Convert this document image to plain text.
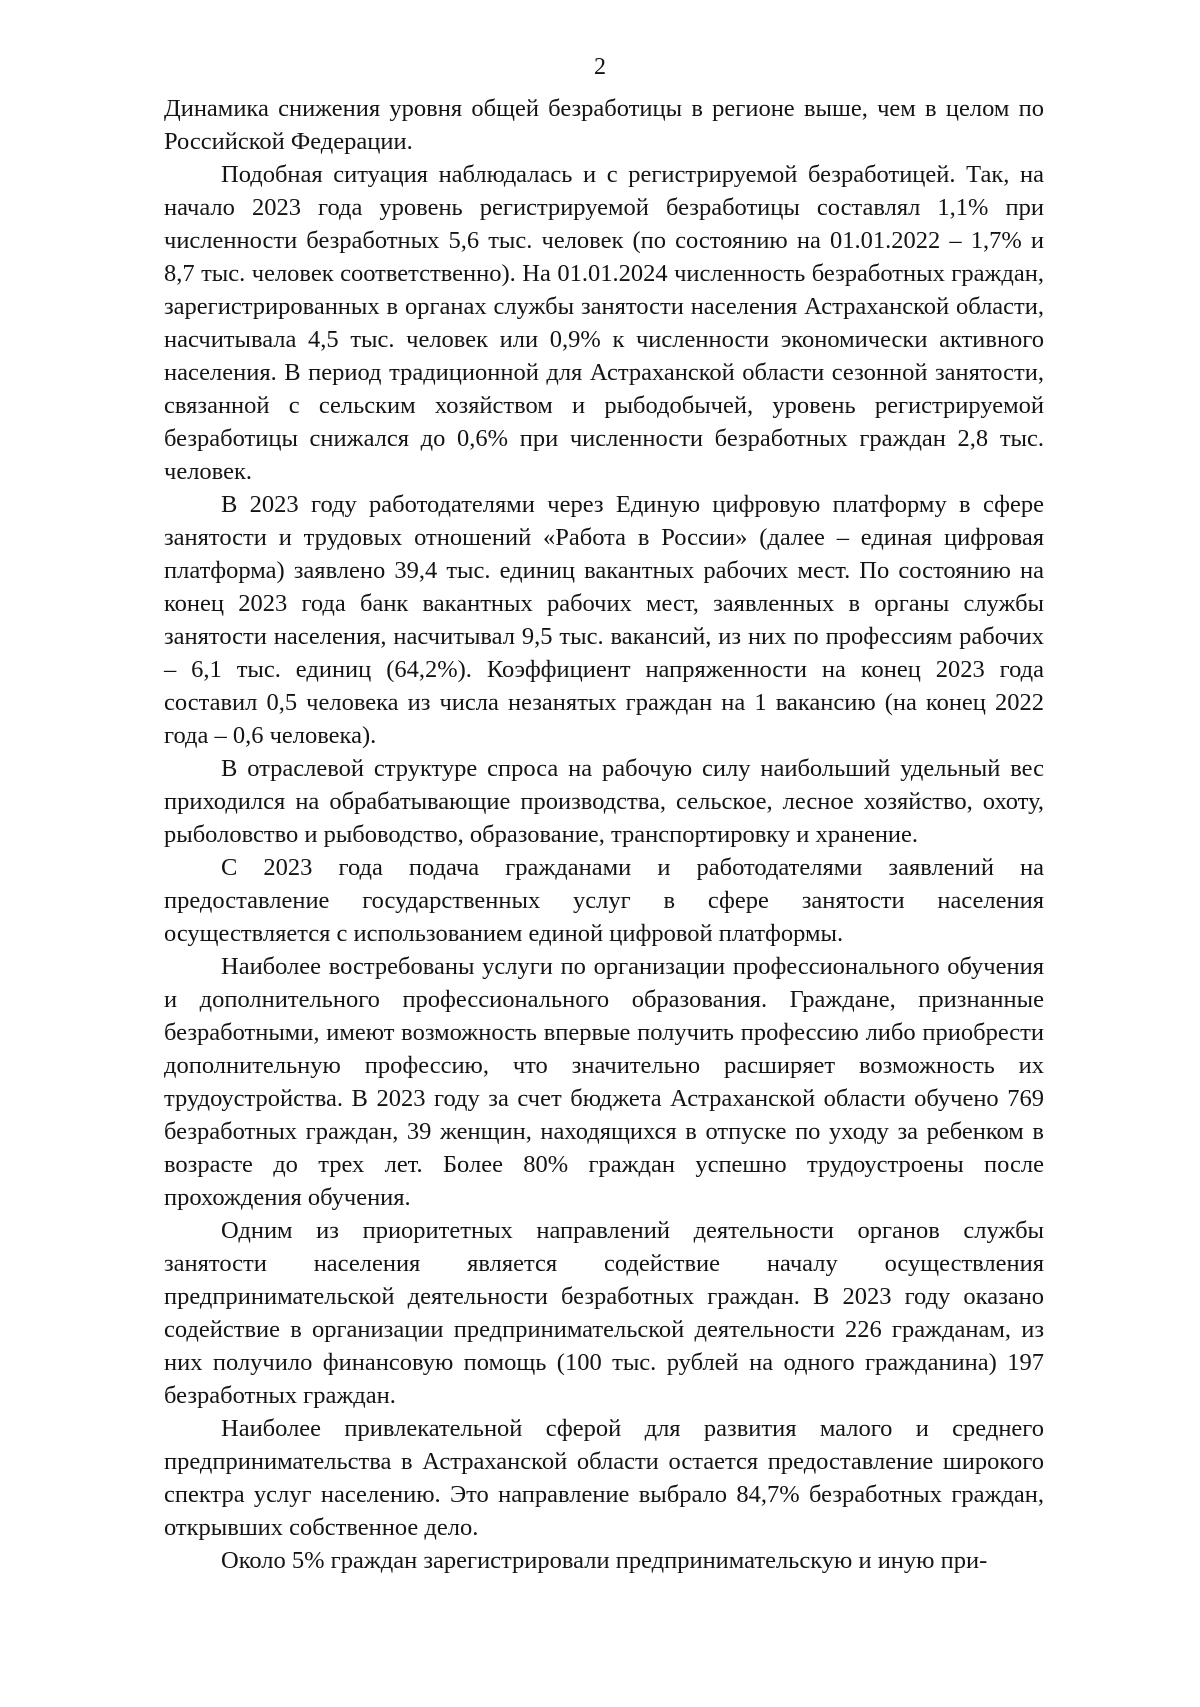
2

Динамика снижения уровня общей безработицы в регионе выше, чем в целом по Российской Федерации.

Подобная ситуация наблюдалась и с регистрируемой безработицей. Так, на начало 2023 года уровень регистрируемой безработицы составлял 1,1% при численности безработных 5,6 тыс. человек (по состоянию на 01.01.2022 – 1,7% и 8,7 тыс. человек соответственно). На 01.01.2024 численность безработных граждан, зарегистрированных в органах службы занятости населения Астраханской области, насчитывала 4,5 тыс. человек или 0,9% к численности экономически активного населения. В период традиционной для Астраханской области сезонной занятости, связанной с сельским хозяйством и рыбодобычей, уровень регистрируемой безработицы снижался до 0,6% при численности безработных граждан 2,8 тыс. человек.

В 2023 году работодателями через Единую цифровую платформу в сфере занятости и трудовых отношений «Работа в России» (далее – единая цифровая платформа) заявлено 39,4 тыс. единиц вакантных рабочих мест. По состоянию на конец 2023 года банк вакантных рабочих мест, заявленных в органы службы занятости населения, насчитывал 9,5 тыс. вакансий, из них по профессиям рабочих – 6,1 тыс. единиц (64,2%). Коэффициент напряженности на конец 2023 года составил 0,5 человека из числа незанятых граждан на 1 вакансию (на конец 2022 года – 0,6 человека).

В отраслевой структуре спроса на рабочую силу наибольший удельный вес приходился на обрабатывающие производства, сельское, лесное хозяйство, охоту, рыболовство и рыбоводство, образование, транспортировку и хранение.

С 2023 года подача гражданами и работодателями заявлений на предоставление государственных услуг в сфере занятости населения осуществляется с использованием единой цифровой платформы.

Наиболее востребованы услуги по организации профессионального обучения и дополнительного профессионального образования. Граждане, признанные безработными, имеют возможность впервые получить профессию либо приобрести дополнительную профессию, что значительно расширяет возможность их трудоустройства. В 2023 году за счет бюджета Астраханской области обучено 769 безработных граждан, 39 женщин, находящихся в отпуске по уходу за ребенком в возрасте до трех лет. Более 80% граждан успешно трудоустроены после прохождения обучения.

Одним из приоритетных направлений деятельности органов службы занятости населения является содействие началу осуществления предпринимательской деятельности безработных граждан. В 2023 году оказано содействие в организации предпринимательской деятельности 226 гражданам, из них получило финансовую помощь (100 тыс. рублей на одного гражданина) 197 безработных граждан.

Наиболее привлекательной сферой для развития малого и среднего предпринимательства в Астраханской области остается предоставление широкого спектра услуг населению. Это направление выбрало 84,7% безработных граждан, открывших собственное дело.

Около 5% граждан зарегистрировали предпринимательскую и иную при-
